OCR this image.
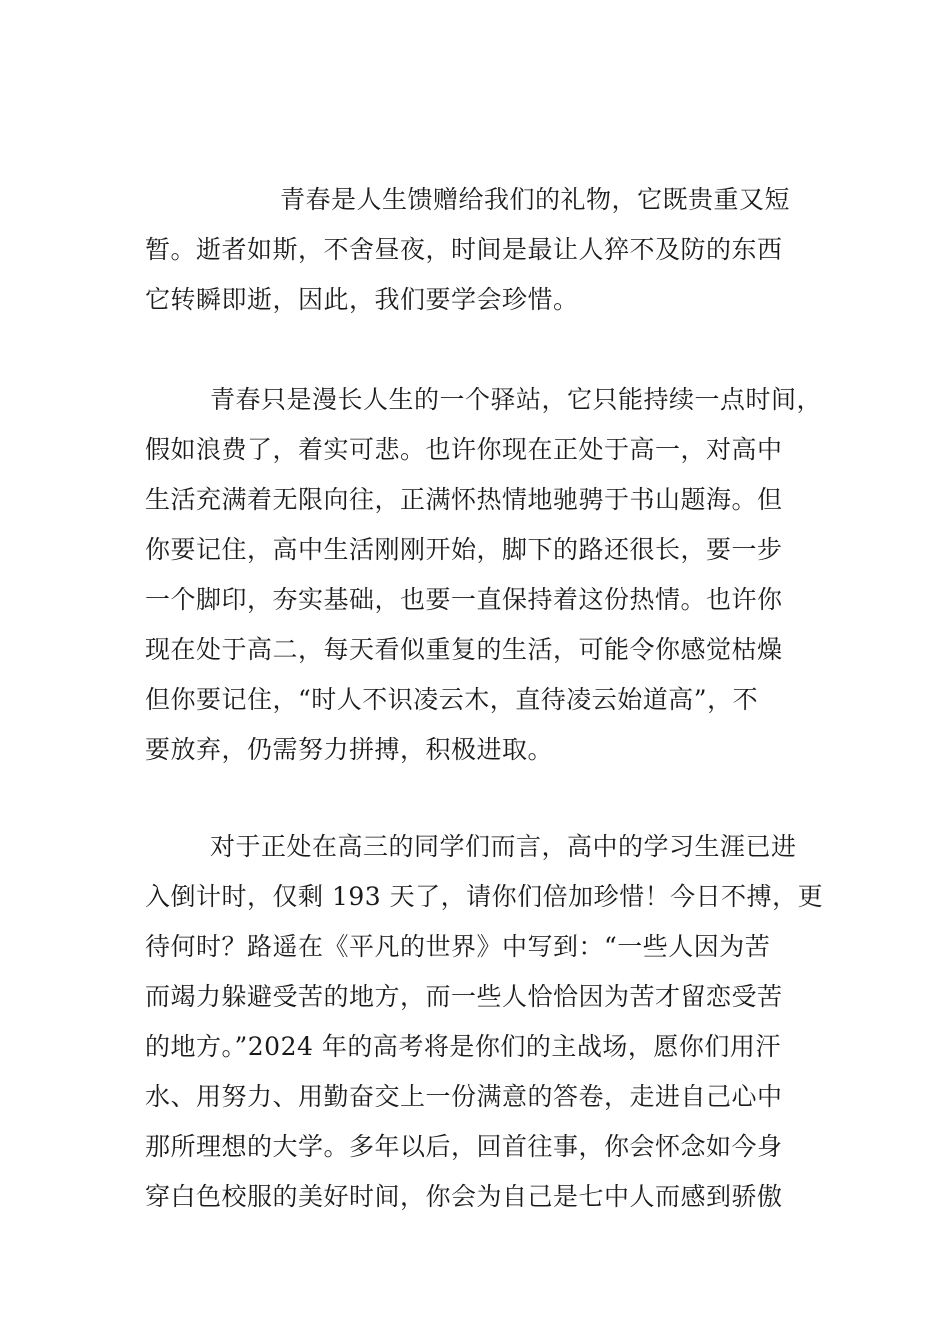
青春是人生馈赠给我们的礼物，它既贵重又短
暂。逝者如斯，不舍昼夜，时间是最让人猝不及防的东西
它转瞬即逝，因此，我们要学会珍惜。
青春只是漫长人生的一个驿站，它只能持续一点时间，
假如浪费了，着实可悲。也许你现在正处于高一，对高中
生活充满着无限向往，正满怀热情地驰骋于书山题海。但
你要记住，高中生活刚刚开始，脚下的路还很长，要一步
一个脚印，夯实基础，也要一直保持着这份热情。也许你
现在处于高二，每天看似重复的生活，可能令你感觉枯燥
但你要记住，“时人不识凌云木，直待凌云始道高”，不
要放弃，仍需努力拼搏，积极进取。
对于正处在高三的同学们而言，高中的学习生涯已进
入倒计时，仅剩 193 天了，请你们倍加珍惜！今日不搏，更
待何时？路遥在《平凡的世界》中写到：“一些人因为苦
而竭力躲避受苦的地方，而一些人恰恰因为苦才留恋受苦
的地方。”2024 年的高考将是你们的主战场，愿你们用汗
水、用努力、用勤奋交上一份满意的答卷，走进自己心中
那所理想的大学。多年以后，回首往事，你会怀念如今身
穿白色校服的美好时间，你会为自己是七中人而感到骄傲
